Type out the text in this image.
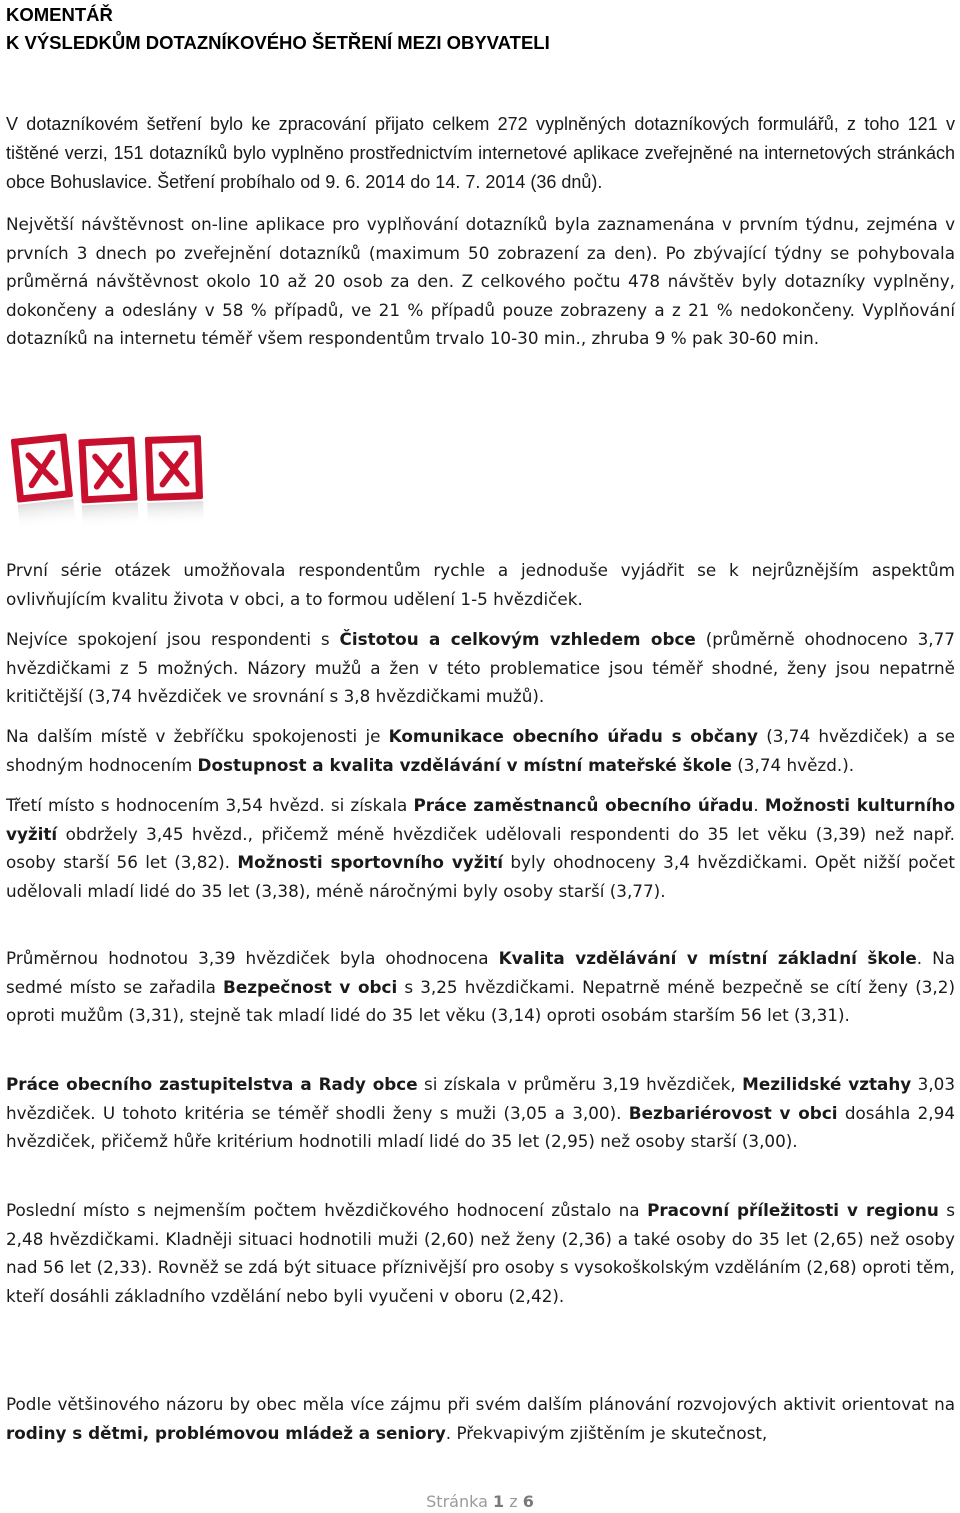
KOMENTÁŘ
K VÝSLEDKŮM DOTAZNÍKOVÉHO ŠETŘENÍ MEZI OBYVATELI

V dotazníkovém šetření bylo ke zpracování přijato celkem 272 vyplněných dotazníkových formulářů, z toho 121 v tištěné verzi, 151 dotazníků bylo vyplněno prostřednictvím internetové aplikace zveřejněné na internetových stránkách obce Bohuslavice. Šetření probíhalo od 9. 6. 2014 do 14. 7. 2014 (36 dnů).

Největší návštěvnost on-line aplikace pro vyplňování dotazníků byla zaznamenána v prvním týdnu, zejména v prvních 3 dnech po zveřejnění dotazníků (maximum 50 zobrazení za den). Po zbývající týdny se pohybovala průměrná návštěvnost okolo 10 až 20 osob za den. Z celkového počtu 478 návštěv byly dotazníky vyplněny, dokončeny a odeslány v 58 % případů, ve 21 % případů pouze zobrazeny a z 21 % nedokončeny. Vyplňování dotazníků na internetu téměř všem respondentům trvalo 10-30 min., zhruba 9 % pak 30-60 min.

První série otázek umožňovala respondentům rychle a jednoduše vyjádřit se k nejrůznějším aspektům ovlivňujícím kvalitu života v obci, a to formou udělení 1-5 hvězdiček.

Nejvíce spokojení jsou respondenti s Čistotou a celkovým vzhledem obce (průměrně ohodnoceno 3,77 hvězdičkami z 5 možných. Názory mužů a žen v této problematice jsou téměř shodné, ženy jsou nepatrně kritičtější (3,74 hvězdiček ve srovnání s 3,8 hvězdičkami mužů).

Na dalším místě v žebříčku spokojenosti je Komunikace obecního úřadu s občany (3,74 hvězdiček) a se shodným hodnocením Dostupnost a kvalita vzdělávání v místní mateřské škole (3,74 hvězd.).

Třetí místo s hodnocením 3,54 hvězd. si získala Práce zaměstnanců obecního úřadu. Možnosti kulturního vyžití obdržely 3,45 hvězd., přičemž méně hvězdiček udělovali respondenti do 35 let věku (3,39) než např. osoby starší 56 let (3,82). Možnosti sportovního vyžití byly ohodnoceny 3,4 hvězdičkami. Opět nižší počet udělovali mladí lidé do 35 let (3,38), méně náročnými byly osoby starší (3,77).

Průměrnou hodnotou 3,39 hvězdiček byla ohodnocena Kvalita vzdělávání v místní základní škole. Na sedmé místo se zařadila Bezpečnost v obci s 3,25 hvězdičkami. Nepatrně méně bezpečně se cítí ženy (3,2) oproti mužům (3,31), stejně tak mladí lidé do 35 let věku (3,14) oproti osobám starším 56 let (3,31).

Práce obecního zastupitelstva a Rady obce si získala v průměru 3,19 hvězdiček, Mezilidské vztahy 3,03 hvězdiček. U tohoto kritéria se téměř shodli ženy s muži (3,05 a 3,00). Bezbariérovost v obci dosáhla 2,94 hvězdiček, přičemž hůře kritérium hodnotili mladí lidé do 35 let (2,95) než osoby starší (3,00).

Poslední místo s nejmenším počtem hvězdičkového hodnocení zůstalo na Pracovní příležitosti v regionu s 2,48 hvězdičkami. Kladněji situaci hodnotili muži (2,60) než ženy (2,36) a také osoby do 35 let (2,65) než osoby nad 56 let (2,33). Rovněž se zdá být situace příznivější pro osoby s vysokoškolským vzděláním (2,68) oproti těm, kteří dosáhli základního vzdělání nebo byli vyučeni v oboru (2,42).

Podle většinového názoru by obec měla více zájmu při svém dalším plánování rozvojových aktivit orientovat na rodiny s dětmi, problémovou mládež a seniory. Překvapivým zjištěním je skutečnost,

Stránka 1 z 6
